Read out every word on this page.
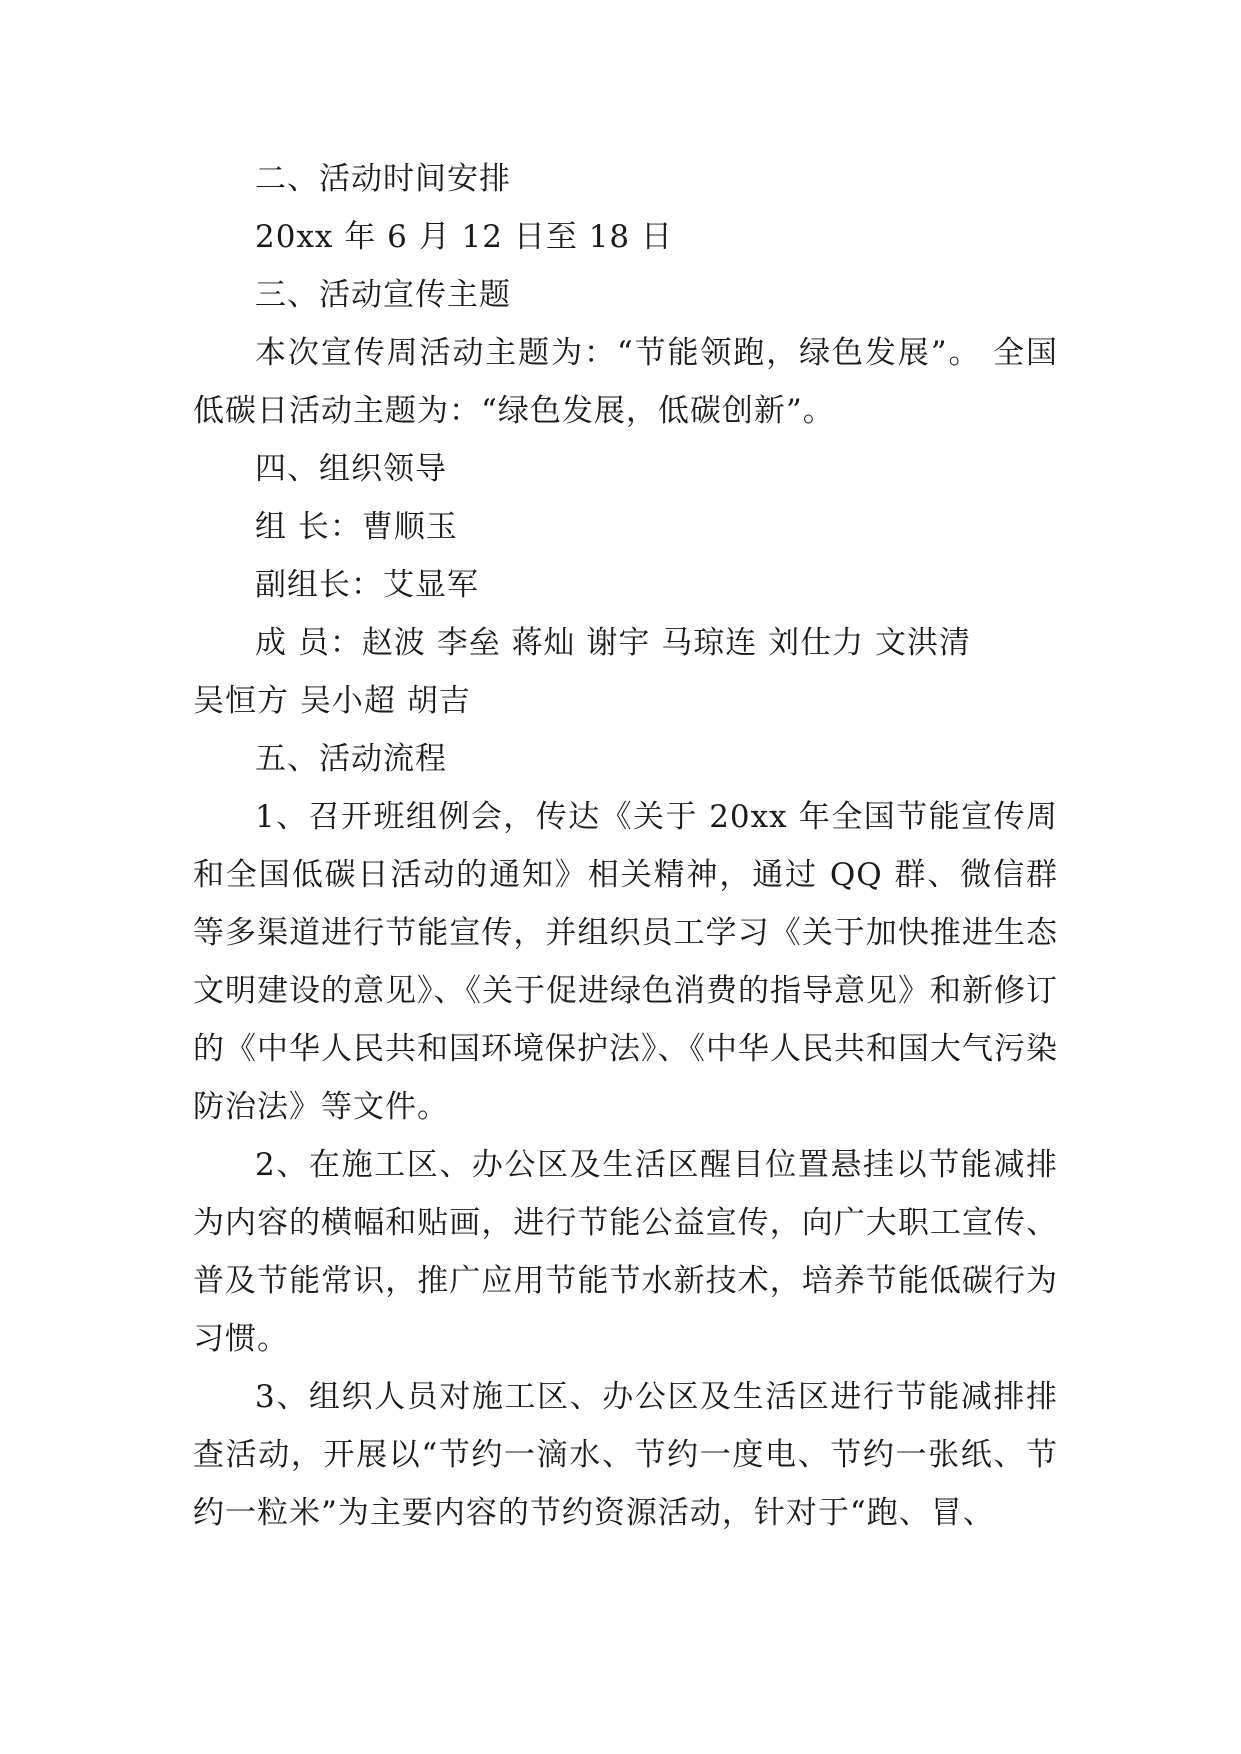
二、活动时间安排
20xx 年 6 月 12 日至 18 日
三、活动宣传主题
本次宣传周活动主题为：“节能领跑，绿色发展”。 全国低碳日活动主题为：“绿色发展，低碳创新”。
四、组织领导
组 长：曹顺玉
副组长：艾显军
成 员：赵波 李垒 蒋灿 谢宇 马琼连 刘仕力 文洪清
吴恒方 吴小超 胡吉
五、活动流程
1、召开班组例会，传达《关于 20xx 年全国节能宣传周和全国低碳日活动的通知》相关精神，通过 QQ 群、微信群等多渠道进行节能宣传，并组织员工学习《关于加快推进生态文明建设的意见》、《关于促进绿色消费的指导意见》和新修订的《中华人民共和国环境保护法》、《中华人民共和国大气污染防治法》等文件。
2、在施工区、办公区及生活区醒目位置悬挂以节能减排为内容的横幅和贴画，进行节能公益宣传，向广大职工宣传、普及节能常识，推广应用节能节水新技术，培养节能低碳行为习惯。
3、组织人员对施工区、办公区及生活区进行节能减排排查活动，开展以“节约一滴水、节约一度电、节约一张纸、节约一粒米”为主要内容的节约资源活动，针对于“跑、冒、
